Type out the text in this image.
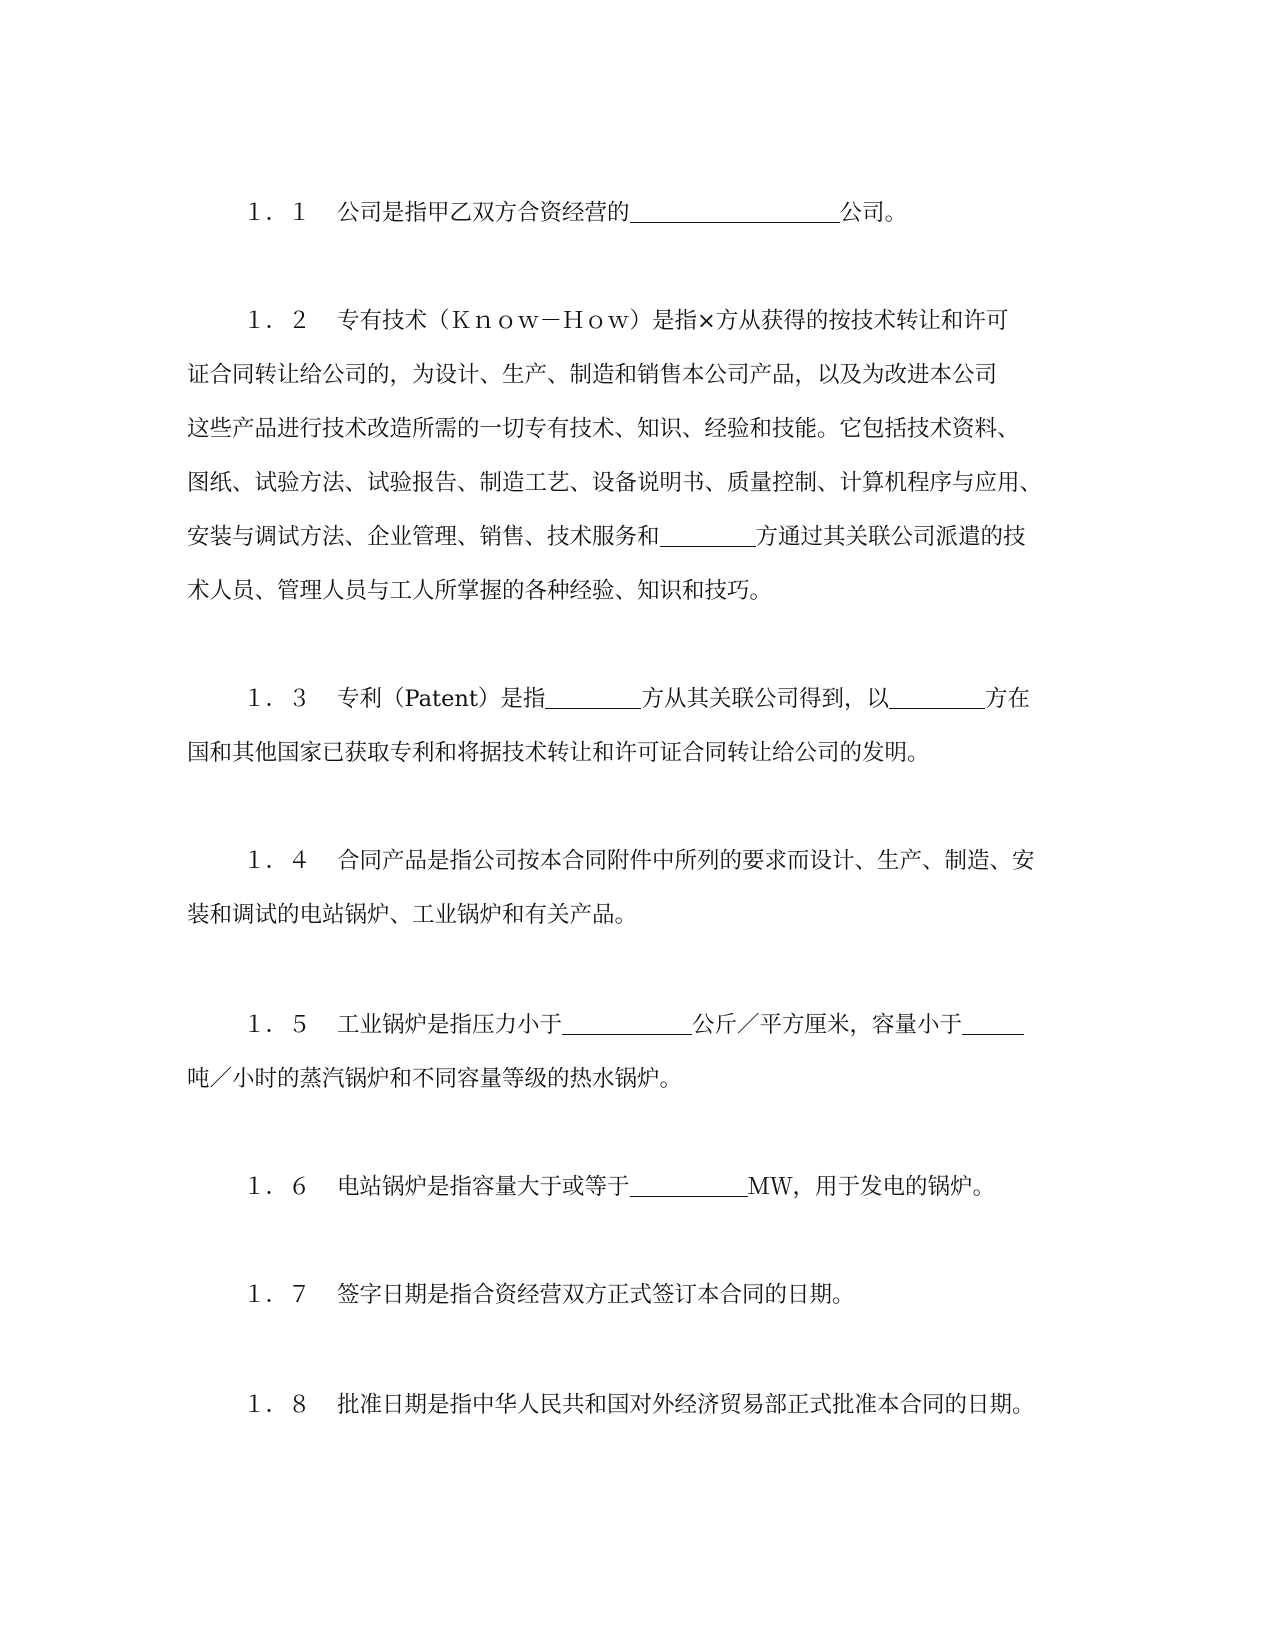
１．１ 公司是指甲乙双方合资经营的	公司。
１．２ 专有技术（Ｋｎｏｗ－Ｈｏｗ）是指×方从获得的按技术转让和许可
证合同转让给公司的，为设计、生产、制造和销售本公司产品，以及为改进本公司
这些产品进行技术改造所需的一切专有技术、知识、经验和技能。它包括技术资料、
图纸、试验方法、试验报告、制造工艺、设备说明书、质量控制、计算机程序与应用、
安装与调试方法、企业管理、销售、技术服务和	方通过其关联公司派遣的技
术人员、管理人员与工人所掌握的各种经验、知识和技巧。
１．３ 专利（Patent）是指	方从其关联公司得到，以	方在
国和其他国家已获取专利和将据技术转让和许可证合同转让给公司的发明。
１．４ 合同产品是指公司按本合同附件中所列的要求而设计、生产、制造、安
装和调试的电站锅炉、工业锅炉和有关产品。
１．５ 工业锅炉是指压力小于	公斤／平方厘米，容量小于
吨／小时的蒸汽锅炉和不同容量等级的热水锅炉。
１．６ 电站锅炉是指容量大于或等于	ＭＷ，用于发电的锅炉。
１．７ 签字日期是指合资经营双方正式签订本合同的日期。
１．８ 批准日期是指中华人民共和国对外经济贸易部正式批准本合同的日期。
